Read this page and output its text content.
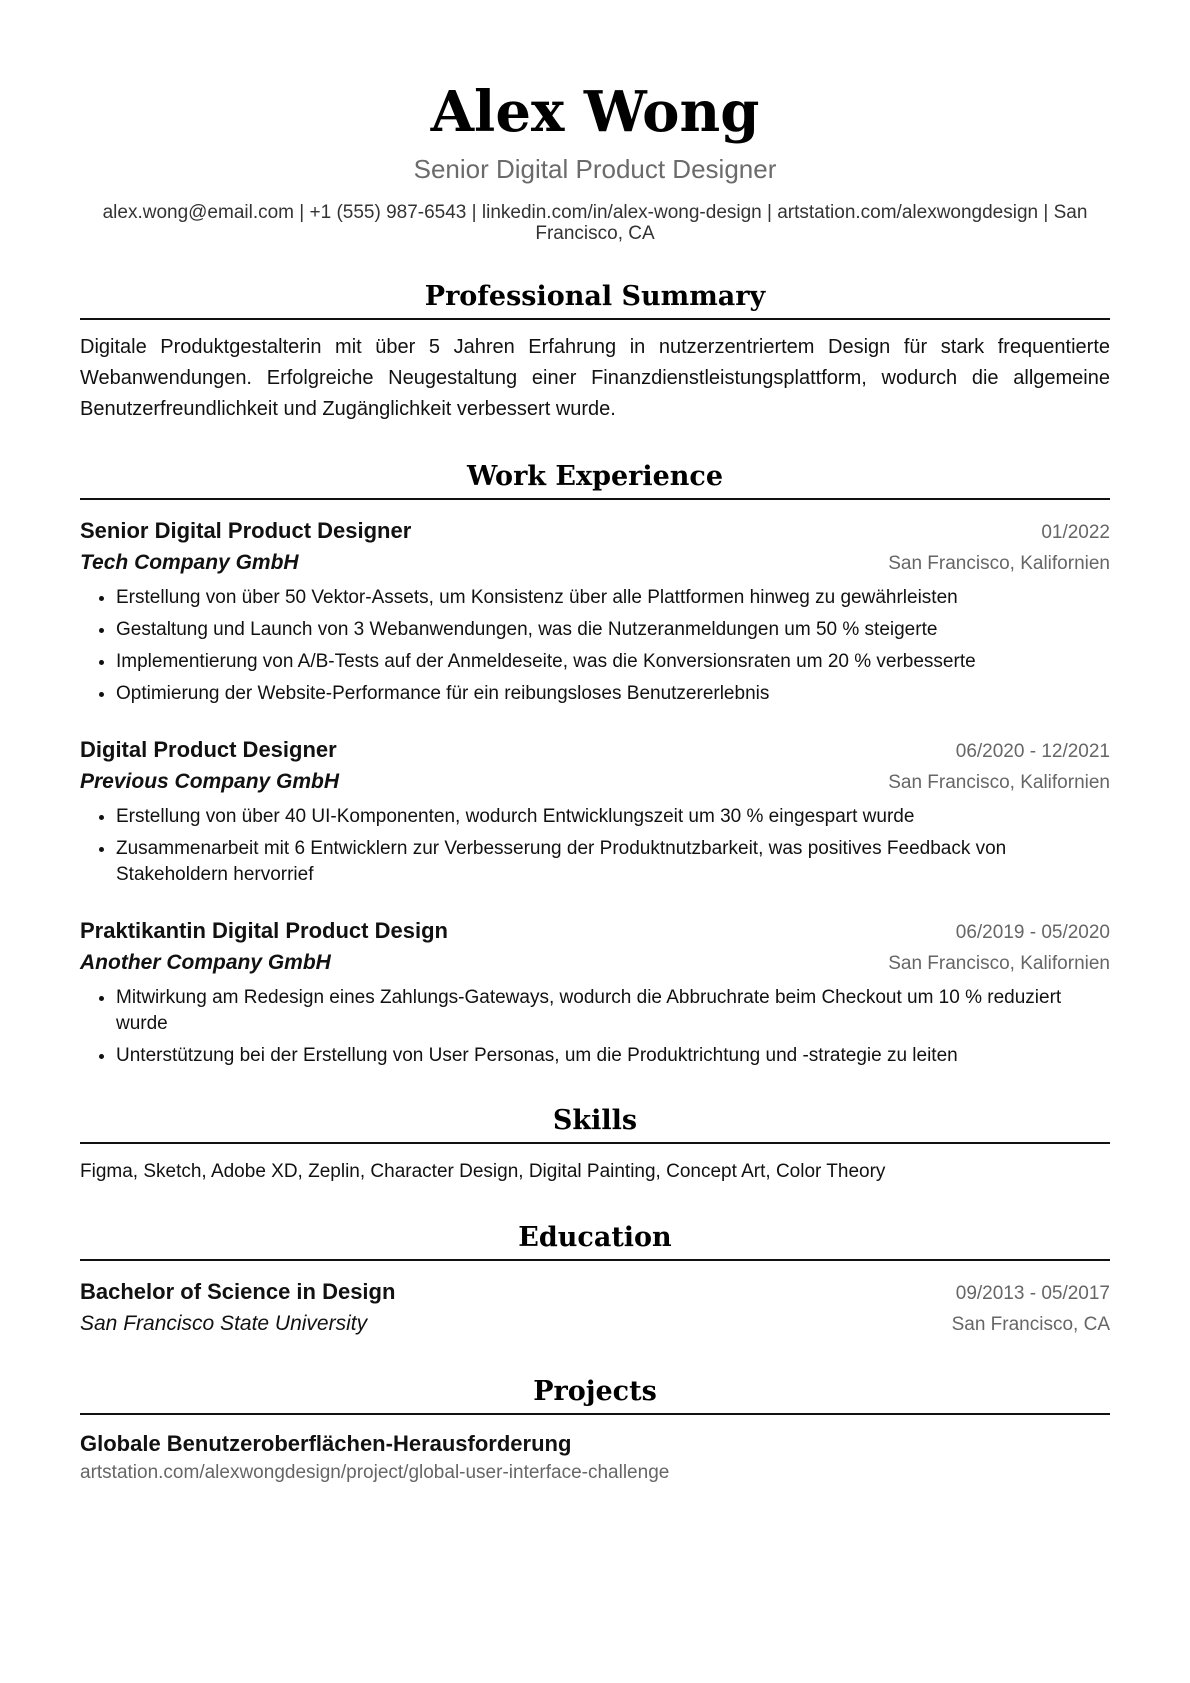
Alex Wong
Senior Digital Product Designer
alex.wong@email.com | +1 (555) 987-6543 | linkedin.com/in/alex-wong-design | artstation.com/alexwongdesign | San Francisco, CA
Professional Summary
Digitale Produktgestalterin mit über 5 Jahren Erfahrung in nutzerzentriertem Design für stark frequentierte Webanwendungen. Erfolgreiche Neugestaltung einer Finanzdienstleistungsplattform, wodurch die allgemeine Benutzerfreundlichkeit und Zugänglichkeit verbessert wurde.
Work Experience
Senior Digital Product Designer	01/2022
Tech Company GmbH	San Francisco, Kalifornien
• Erstellung von über 50 Vektor-Assets, um Konsistenz über alle Plattformen hinweg zu gewährleisten
• Gestaltung und Launch von 3 Webanwendungen, was die Nutzeranmeldungen um 50 % steigerte
• Implementierung von A/B-Tests auf der Anmeldeseite, was die Konversionsraten um 20 % verbesserte
• Optimierung der Website-Performance für ein reibungsloses Benutzererlebnis
Digital Product Designer	06/2020 - 12/2021
Previous Company GmbH	San Francisco, Kalifornien
• Erstellung von über 40 UI-Komponenten, wodurch Entwicklungszeit um 30 % eingespart wurde
• Zusammenarbeit mit 6 Entwicklern zur Verbesserung der Produktnutzbarkeit, was positives Feedback von Stakeholdern hervorrief
Praktikantin Digital Product Design	06/2019 - 05/2020
Another Company GmbH	San Francisco, Kalifornien
• Mitwirkung am Redesign eines Zahlungs-Gateways, wodurch die Abbruchrate beim Checkout um 10 % reduziert wurde
• Unterstützung bei der Erstellung von User Personas, um die Produktrichtung und -strategie zu leiten
Skills
Figma, Sketch, Adobe XD, Zeplin, Character Design, Digital Painting, Concept Art, Color Theory
Education
Bachelor of Science in Design	09/2013 - 05/2017
San Francisco State University	San Francisco, CA
Projects
Globale Benutzeroberflächen-Herausforderung
artstation.com/alexwongdesign/project/global-user-interface-challenge
